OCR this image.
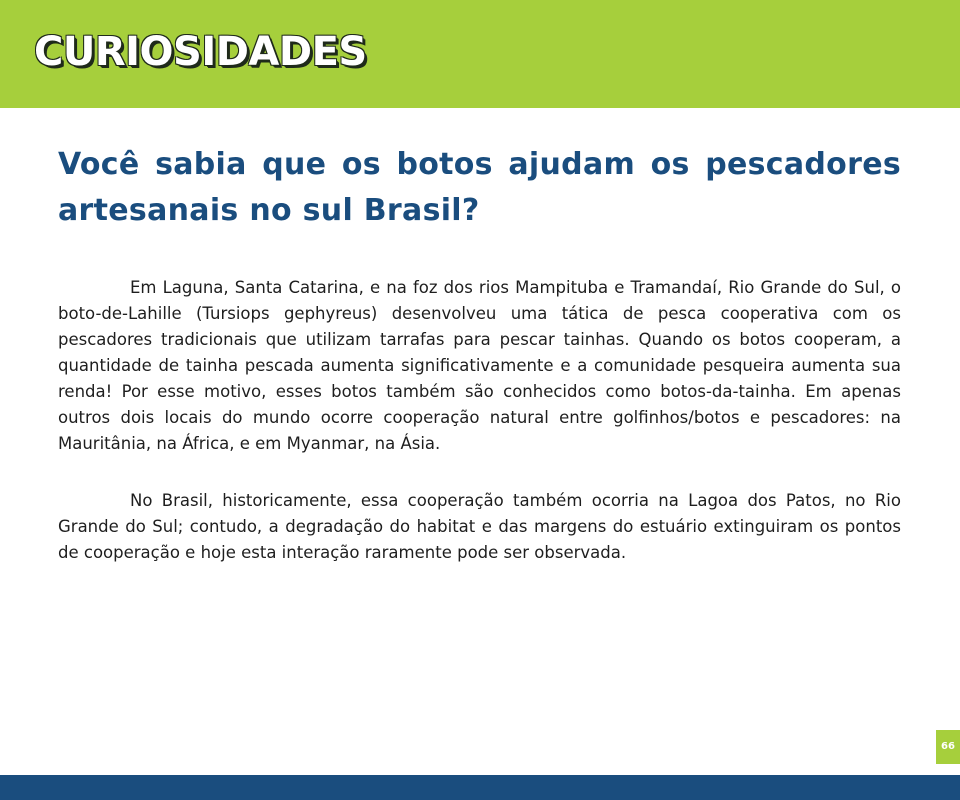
CURIOSIDADES
Você sabia que os botos ajudam os pescadores artesanais no sul Brasil?

Em Laguna, Santa Catarina, e na foz dos rios Mampituba e Tramandaí, Rio Grande do Sul, o boto-de-Lahille (Tursiops gephyreus) desenvolveu uma tática de pesca cooperativa com os pescadores tradicionais que utilizam tarrafas para pescar tainhas. Quando os botos cooperam, a quantidade de tainha pescada aumenta significativamente e a comunidade pesqueira aumenta sua renda! Por esse motivo, esses botos também são conhecidos como botos-da-tainha. Em apenas outros dois locais do mundo ocorre cooperação natural entre golfinhos/botos e pescadores: na Mauritânia, na África, e em Myanmar, na Ásia.

No Brasil, historicamente, essa cooperação também ocorria na Lagoa dos Patos, no Rio Grande do Sul; contudo, a degradação do habitat e das margens do estuário extinguiram os pontos de cooperação e hoje esta interação raramente pode ser observada.

66
